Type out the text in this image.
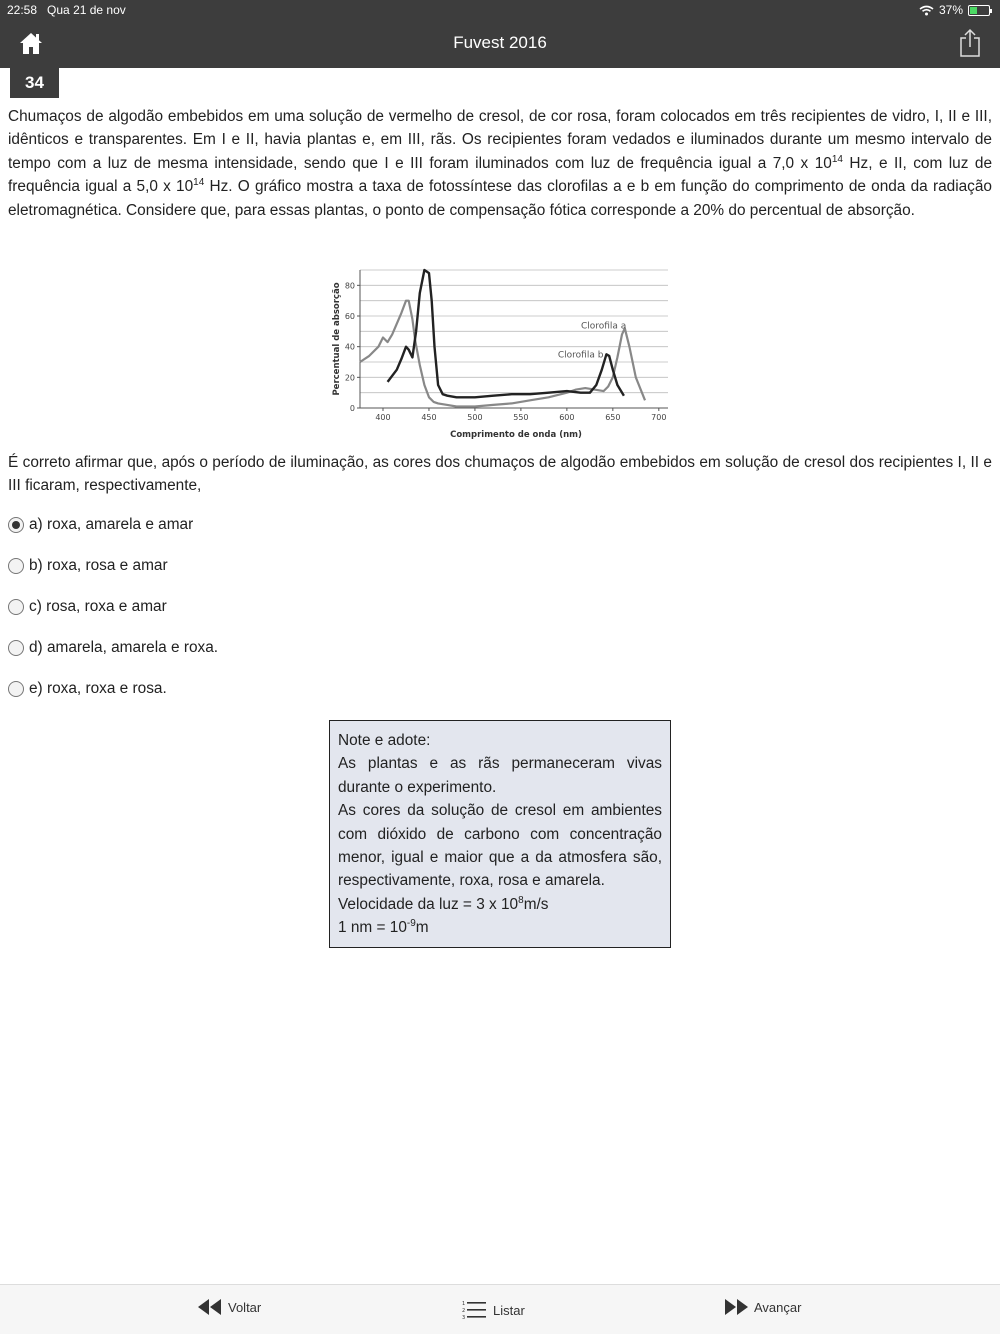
22:58 Qua 21 de nov	37%
Fuvest 2016
34
Chumaços de algodão embebidos em uma solução de vermelho de cresol, de cor rosa, foram colocados em três recipientes de vidro, I, II e III, idênticos e transparentes. Em I e II, havia plantas e, em III, rãs. Os recipientes foram vedados e iluminados durante um mesmo intervalo de tempo com a luz de mesma intensidade, sendo que I e III foram iluminados com luz de frequência igual a 7,0 x $10^{14}$ Hz, e II, com luz de frequência igual a 5,0 x $10^{14}$ Hz. O gráfico mostra a taxa de fotossíntese das clorofilas a e b em função do comprimento de onda da radiação eletromagnética. Considere que, para essas plantas, o ponto de compensação fótica corresponde a 20% do percentual de absorção.
0
20
40
60
80
400	450	500	550	600	650	700
Comprimento de onda (nm)
Percentual de absorção	Clorofila a
Clorofila b
É correto afirmar que, após o período de iluminação, as cores dos chumaços de algodão embebidos em solução de cresol dos recipientes I, II e III ficaram, respectivamente,
a) roxa, amarela e amar
b) roxa, rosa e amar
c) rosa, roxa e amar
d) amarela, amarela e roxa.
e) roxa, roxa e rosa.
Note e adote:
As plantas e as rãs permaneceram vivas durante o experimento.
As cores da solução de cresol em ambientes com dióxido de carbono com concentração menor, igual e maior que a da atmosfera são, respectivamente, roxa, rosa e amarela.
Velocidade da luz = 3 x $10^8m/s$
1 nm = $10^{-9}m$
Voltar	1
2
3
Listar	Avançar
